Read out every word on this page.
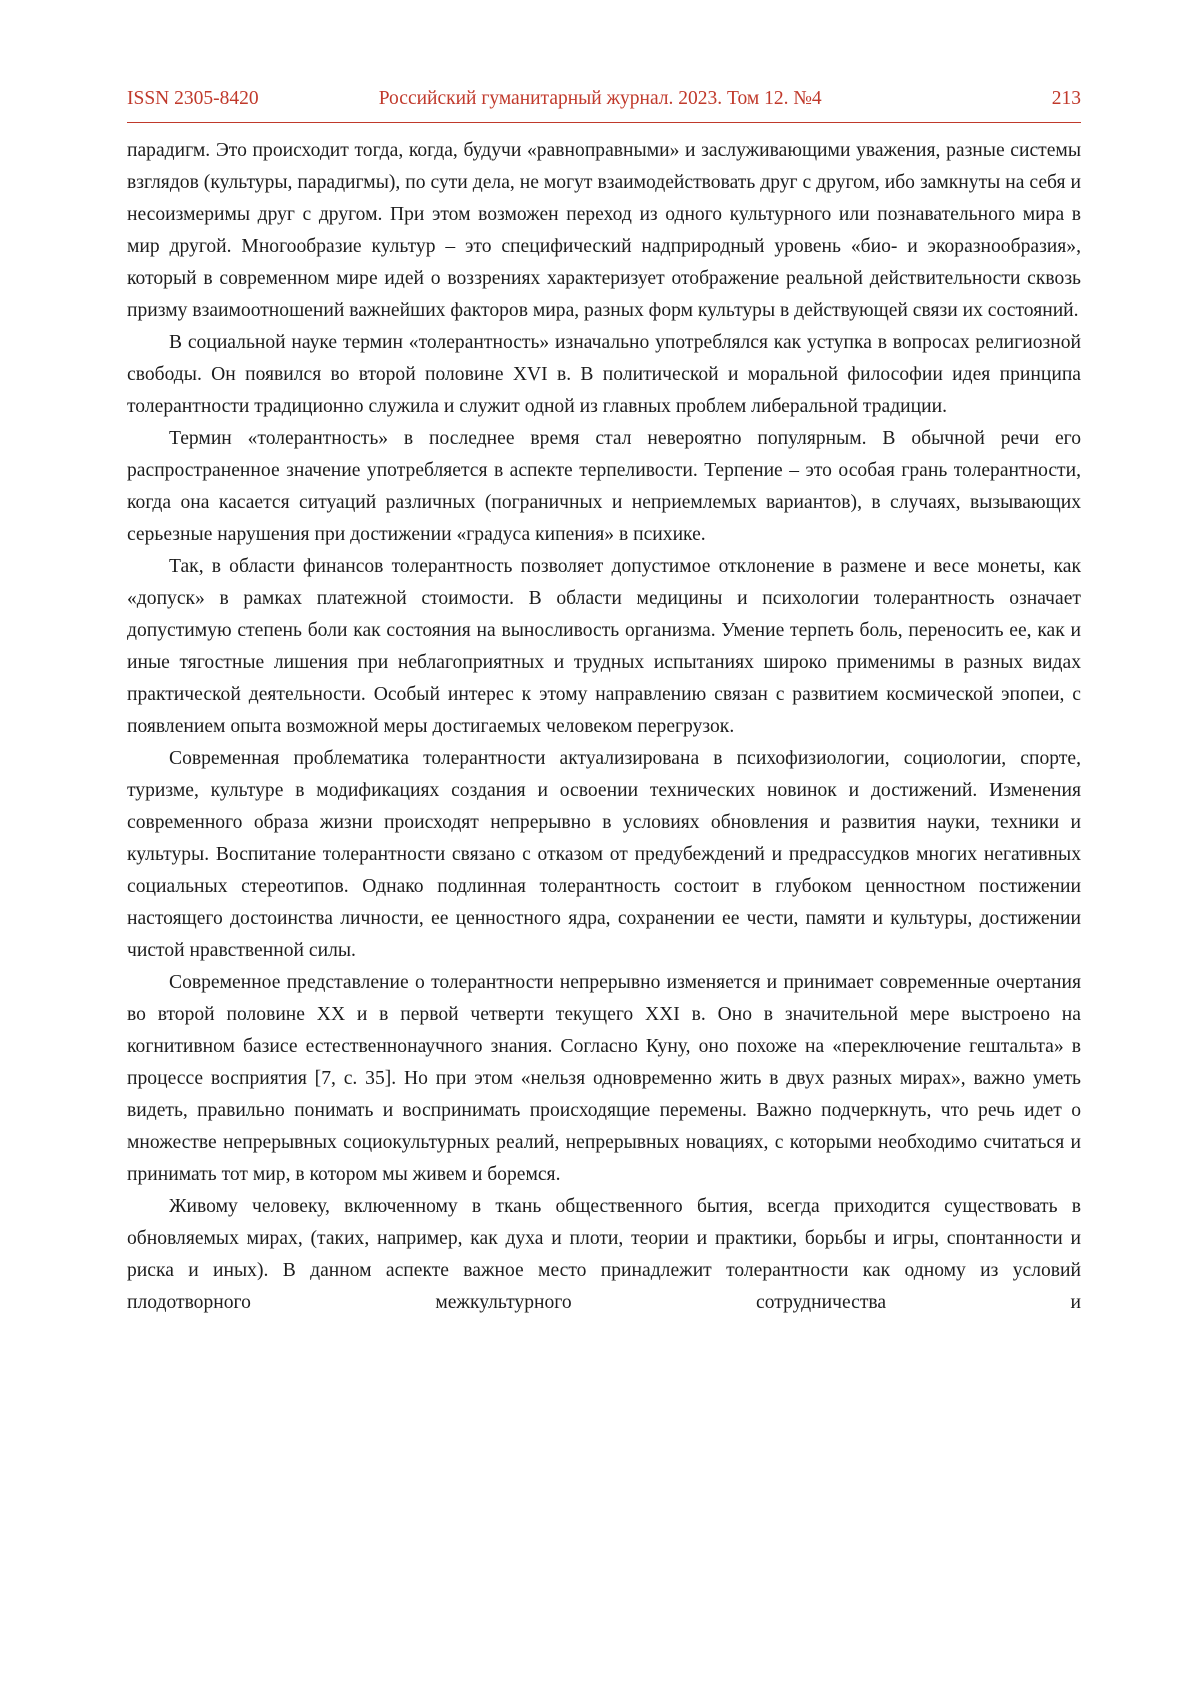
ISSN 2305-8420	Российский гуманитарный журнал. 2023. Том 12. №4	213

парадигм. Это происходит тогда, когда, будучи «равноправными» и заслуживающими уважения, разные системы взглядов (культуры, парадигмы), по сути дела, не могут взаимодействовать друг с другом, ибо замкнуты на себя и несоизмеримы друг с другом. При этом возможен переход из одного культурного или познавательного мира в мир другой. Многообразие культур – это специфический надприродный уровень «био- и экоразнообразия», который в современном мире идей о воззрениях характеризует отображение реальной действительности сквозь призму взаимоотношений важнейших факторов мира, разных форм культуры в действующей связи их состояний.

В социальной науке термин «толерантность» изначально употреблялся как уступка в вопросах религиозной свободы. Он появился во второй половине XVI в. В политической и моральной философии идея принципа толерантности традиционно служила и служит одной из главных проблем либеральной традиции.

Термин «толерантность» в последнее время стал невероятно популярным. В обычной речи его распространенное значение употребляется в аспекте терпеливости. Терпение – это особая грань толерантности, когда она касается ситуаций различных (пограничных и неприемлемых вариантов), в случаях, вызывающих серьезные нарушения при достижении «градуса кипения» в психике.

Так, в области финансов толерантность позволяет допустимое отклонение в размене и весе монеты, как «допуск» в рамках платежной стоимости. В области медицины и психологии толерантность означает допустимую степень боли как состояния на выносливость организма. Умение терпеть боль, переносить ее, как и иные тягостные лишения при неблагоприятных и трудных испытаниях широко применимы в разных видах практической деятельности. Особый интерес к этому направлению связан с развитием космической эпопеи, с появлением опыта возможной меры достигаемых человеком перегрузок.

Современная проблематика толерантности актуализирована в психофизиологии, социологии, спорте, туризме, культуре в модификациях создания и освоении технических новинок и достижений. Изменения современного образа жизни происходят непрерывно в условиях обновления и развития науки, техники и культуры. Воспитание толерантности связано с отказом от предубеждений и предрассудков многих негативных социальных стереотипов. Однако подлинная толерантность состоит в глубоком ценностном постижении настоящего достоинства личности, ее ценностного ядра, сохранении ее чести, памяти и культуры, достижении чистой нравственной силы.

Современное представление о толерантности непрерывно изменяется и принимает современные очертания во второй половине XX и в первой четверти текущего XXI в. Оно в значительной мере выстроено на когнитивном базисе естественнонаучного знания. Согласно Куну, оно похоже на «переключение гештальта» в процессе восприятия [7, с. 35]. Но при этом «нельзя одновременно жить в двух разных мирах», важно уметь видеть, правильно понимать и воспринимать происходящие перемены. Важно подчеркнуть, что речь идет о множестве непрерывных социокультурных реалий, непрерывных новациях, с которыми необходимо считаться и принимать тот мир, в котором мы живем и боремся.

Живому человеку, включенному в ткань общественного бытия, всегда приходится существовать в обновляемых мирах, (таких, например, как духа и плоти, теории и практики, борьбы и игры, спонтанности и риска и иных). В данном аспекте важное место принадлежит толерантности как одному из условий плодотворного межкультурного сотрудничества и
